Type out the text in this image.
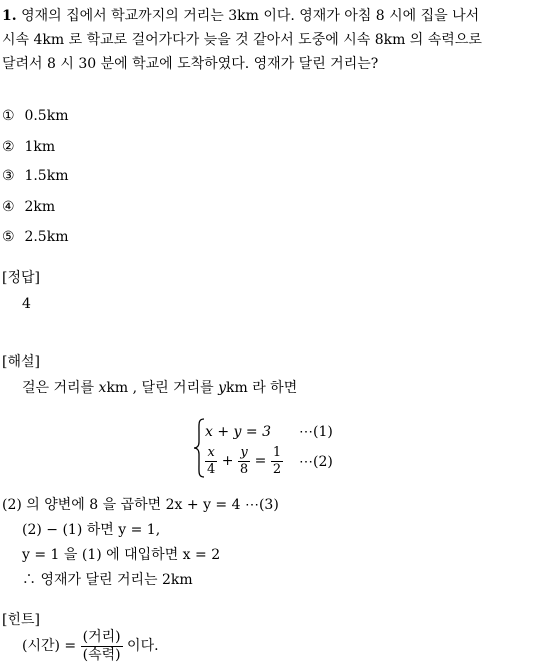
1. 영재의 집에서 학교까지의 거리는 3km 이다. 영재가 아침 8 시에 집을 나서
시속 4km 로 학교로 걸어가다가 늦을 것 같아서 도중에 시속 8km 의 속력으로
달려서 8 시 30 분에 학교에 도착하였다. 영재가 달린 거리는?
① 0.5km
② 1km
③ 1.5km
④ 2km
⑤ 2.5km
[정답]
4
[해설]
걸은 거리를 xkm , 달린 거리를 ykm 라 하면
x + y = 3 ⋯(1)
$\frac{x}{4} + \frac{y}{8} = \frac{1}{2}$ ⋯(2)
(2) 의 양변에 8 을 곱하면 2x + y = 4 ⋯(3)
(2) − (1) 하면 y = 1,
y = 1 을 (1) 에 대입하면 x = 2
∴ 영재가 달린 거리는 2km
[힌트]
(시간) = $\frac{\text{(거리)}}{\text{(속력)}}$ 이다.
